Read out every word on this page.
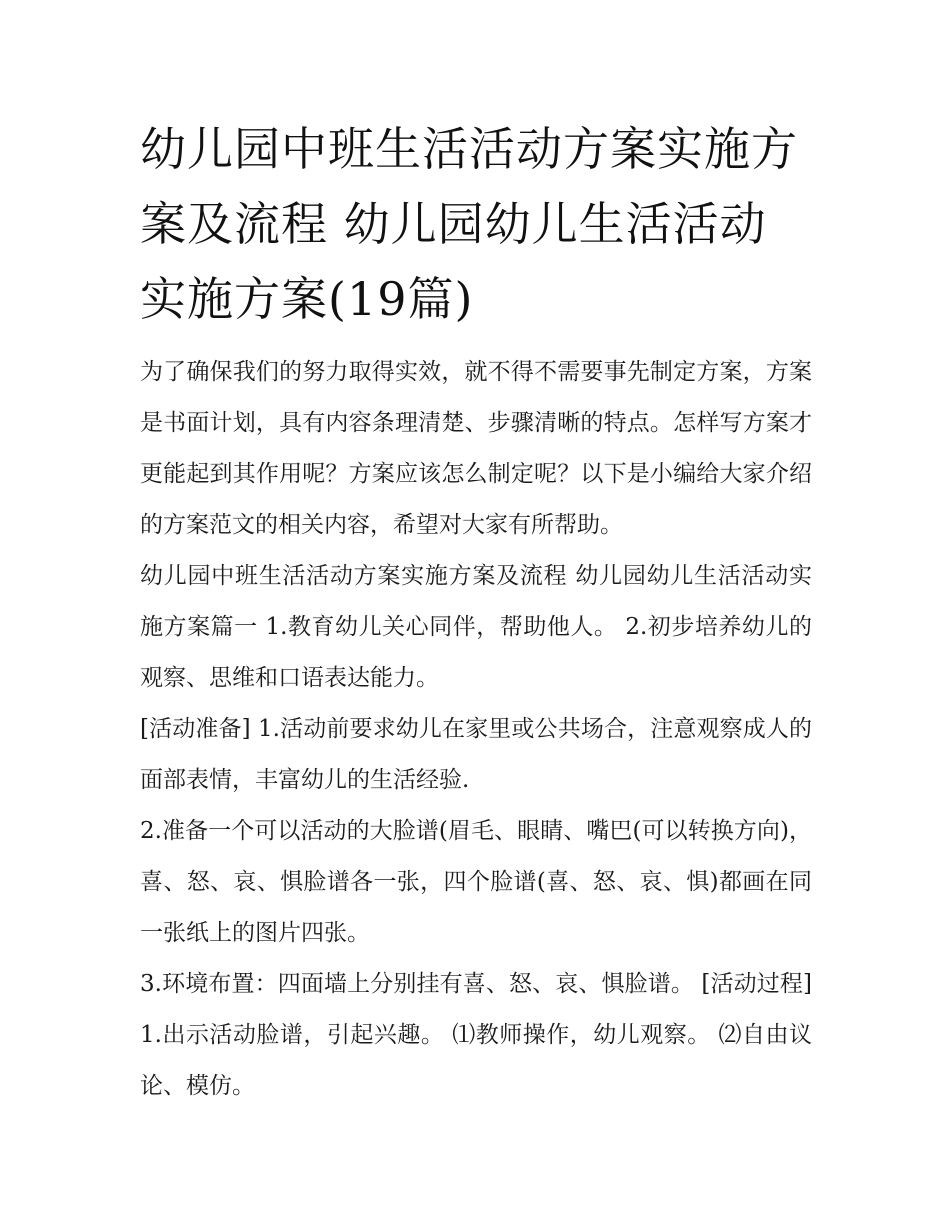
幼儿园中班生活活动方案实施方案及流程 幼儿园幼儿生活活动实施方案(19篇)

为了确保我们的努力取得实效，就不得不需要事先制定方案，方案是书面计划，具有内容条理清楚、步骤清晰的特点。怎样写方案才更能起到其作用呢？方案应该怎么制定呢？以下是小编给大家介绍的方案范文的相关内容，希望对大家有所帮助。

幼儿园中班生活活动方案实施方案及流程 幼儿园幼儿生活活动实施方案篇一 1.教育幼儿关心同伴，帮助他人。 2.初步培养幼儿的观察、思维和口语表达能力。

[活动准备] 1.活动前要求幼儿在家里或公共场合，注意观察成人的面部表情，丰富幼儿的生活经验.

2.准备一个可以活动的大脸谱(眉毛、眼睛、嘴巴(可以转换方向)，喜、怒、哀、惧脸谱各一张，四个脸谱(喜、怒、哀、惧)都画在同一张纸上的图片四张。

3.环境布置：四面墙上分别挂有喜、怒、哀、惧脸谱。 [活动过程] 1.出示活动脸谱，引起兴趣。 ⑴教师操作，幼儿观察。 ⑵自由议论、模仿。
